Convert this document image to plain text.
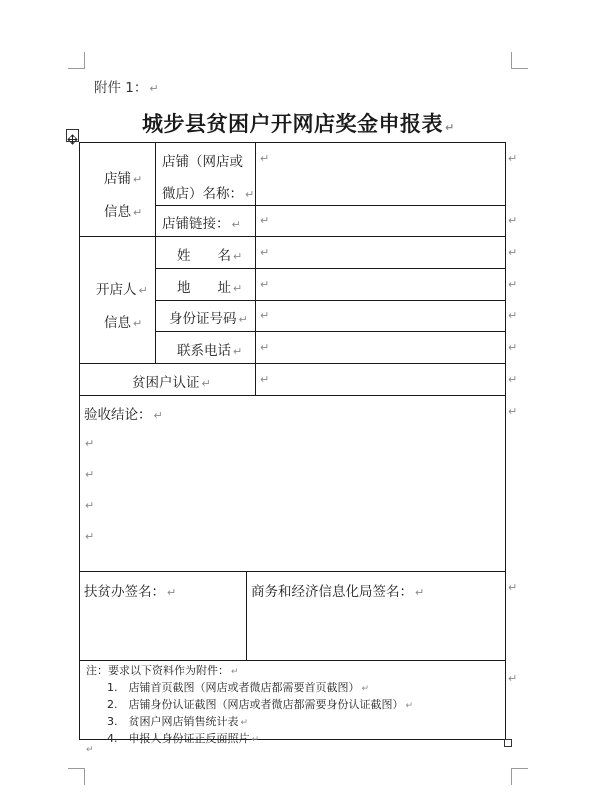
附件 1： ↵
城步县贫困户开网店奖金申报表 ↵
店铺 ↵
信息 ↵
店铺（网店或
微店）名称： ↵
↵
店铺链接： ↵ ↵
开店人 ↵
信息 ↵
姓　　名 ↵ ↵
地　　址 ↵ ↵
身份证号码 ↵ ↵
联系电话 ↵ ↵
贫困户认证 ↵	↵
验收结论： ↵
↵
↵
↵
↵
扶贫办签名： ↵	商务和经济信息化局签名： ↵
注：要求以下资料作为附件： ↵
1.　店铺首页截图（网店或者微店都需要首页截图） ↵
2.　店铺身份认证截图（网店或者微店都需要身份认证截图） ↵
3.　贫困户网店销售统计表 ↵
4.　申报人身份证正反面照片 ↵
↵
↵
↵
↵
↵
↵
↵
↵
↵
↵
↵
